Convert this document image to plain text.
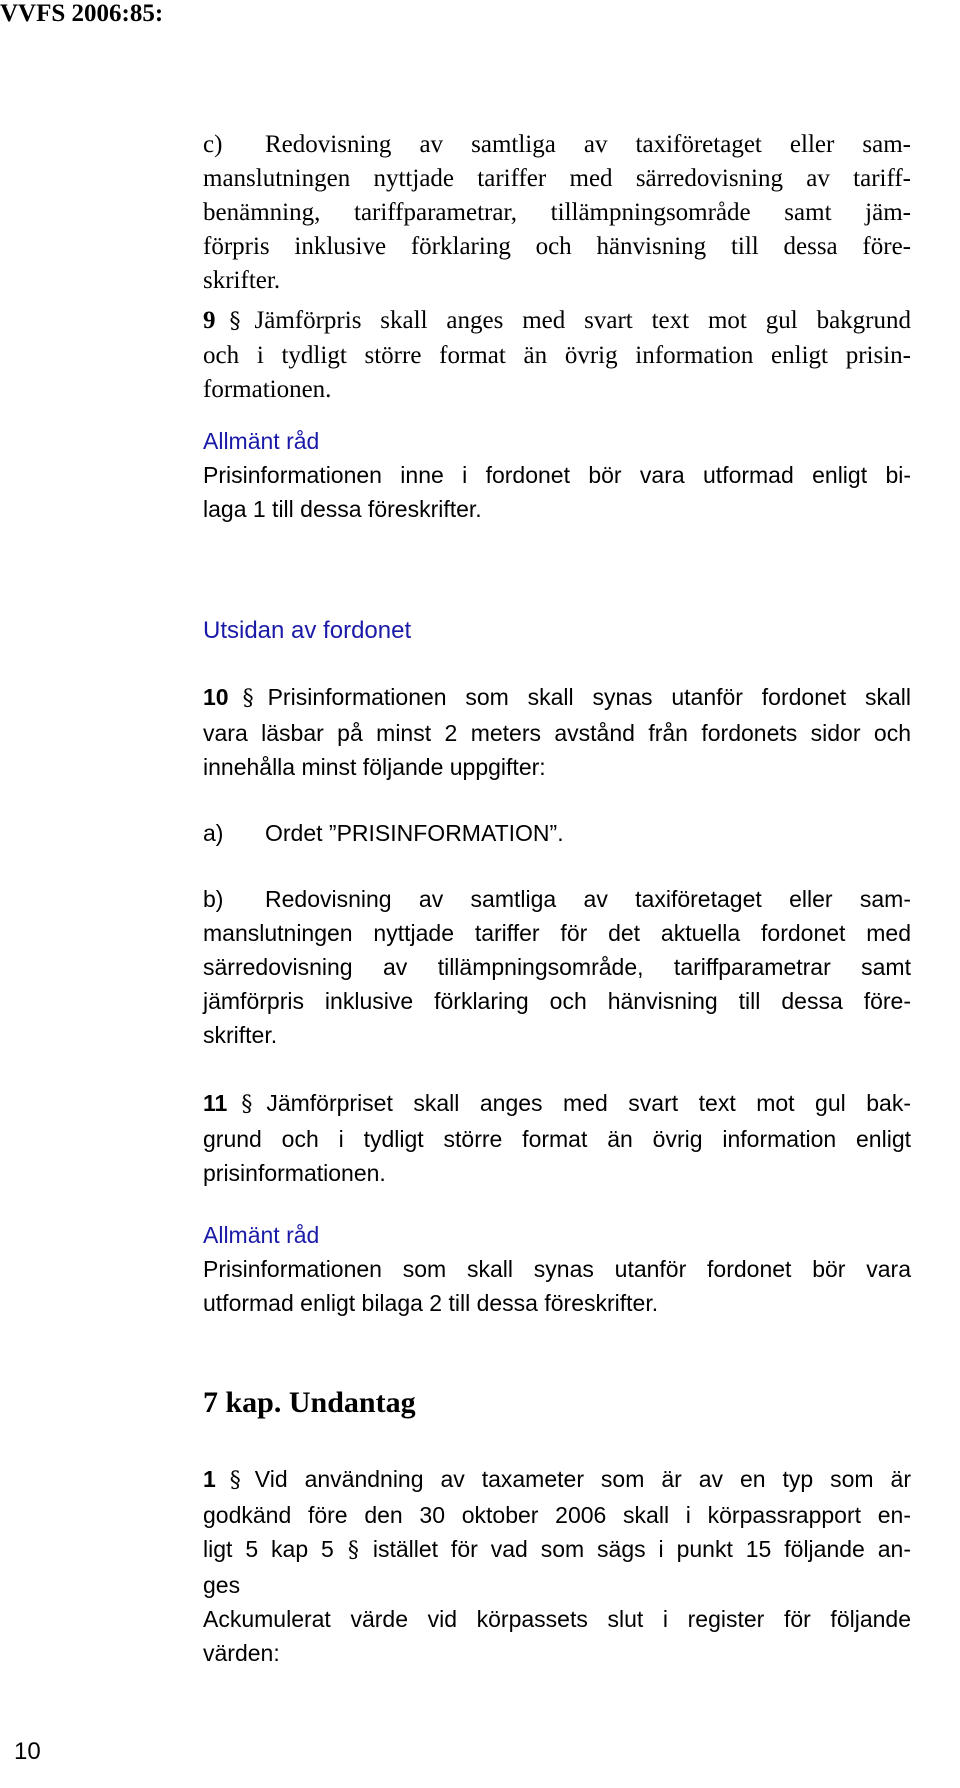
VVFS 2006:85:
c) Redovisning av samtliga av taxiföretaget eller sam-
manslutningen nyttjade tariffer med särredovisning av tariff-
benämning, tariffparametrar, tillämpningsområde samt jäm-
förpris inklusive förklaring och hänvisning till dessa före-
skrifter.
9 § Jämförpris skall anges med svart text mot gul bakgrund
och i tydligt större format än övrig information enligt prisin-
formationen.
Allmänt råd
Prisinformationen inne i fordonet bör vara utformad enligt bi-
laga 1 till dessa föreskrifter.
Utsidan av fordonet
10 § Prisinformationen som skall synas utanför fordonet skall
vara läsbar på minst 2 meters avstånd från fordonets sidor och
innehålla minst följande uppgifter:
a) Ordet ”PRISINFORMATION”.
b) Redovisning av samtliga av taxiföretaget eller sam-
manslutningen nyttjade tariffer för det aktuella fordonet med
särredovisning av tillämpningsområde, tariffparametrar samt
jämförpris inklusive förklaring och hänvisning till dessa före-
skrifter.
11 § Jämförpriset skall anges med svart text mot gul bak-
grund och i tydligt större format än övrig information enligt
prisinformationen.
Allmänt råd
Prisinformationen som skall synas utanför fordonet bör vara
utformad enligt bilaga 2 till dessa föreskrifter.
7 kap. Undantag
1 § Vid användning av taxameter som är av en typ som är
godkänd före den 30 oktober 2006 skall i körpassrapport en-
ligt 5 kap 5 § istället för vad som sägs i punkt 15 följande an-
ges
Ackumulerat värde vid körpassets slut i register för följande
värden:
10
